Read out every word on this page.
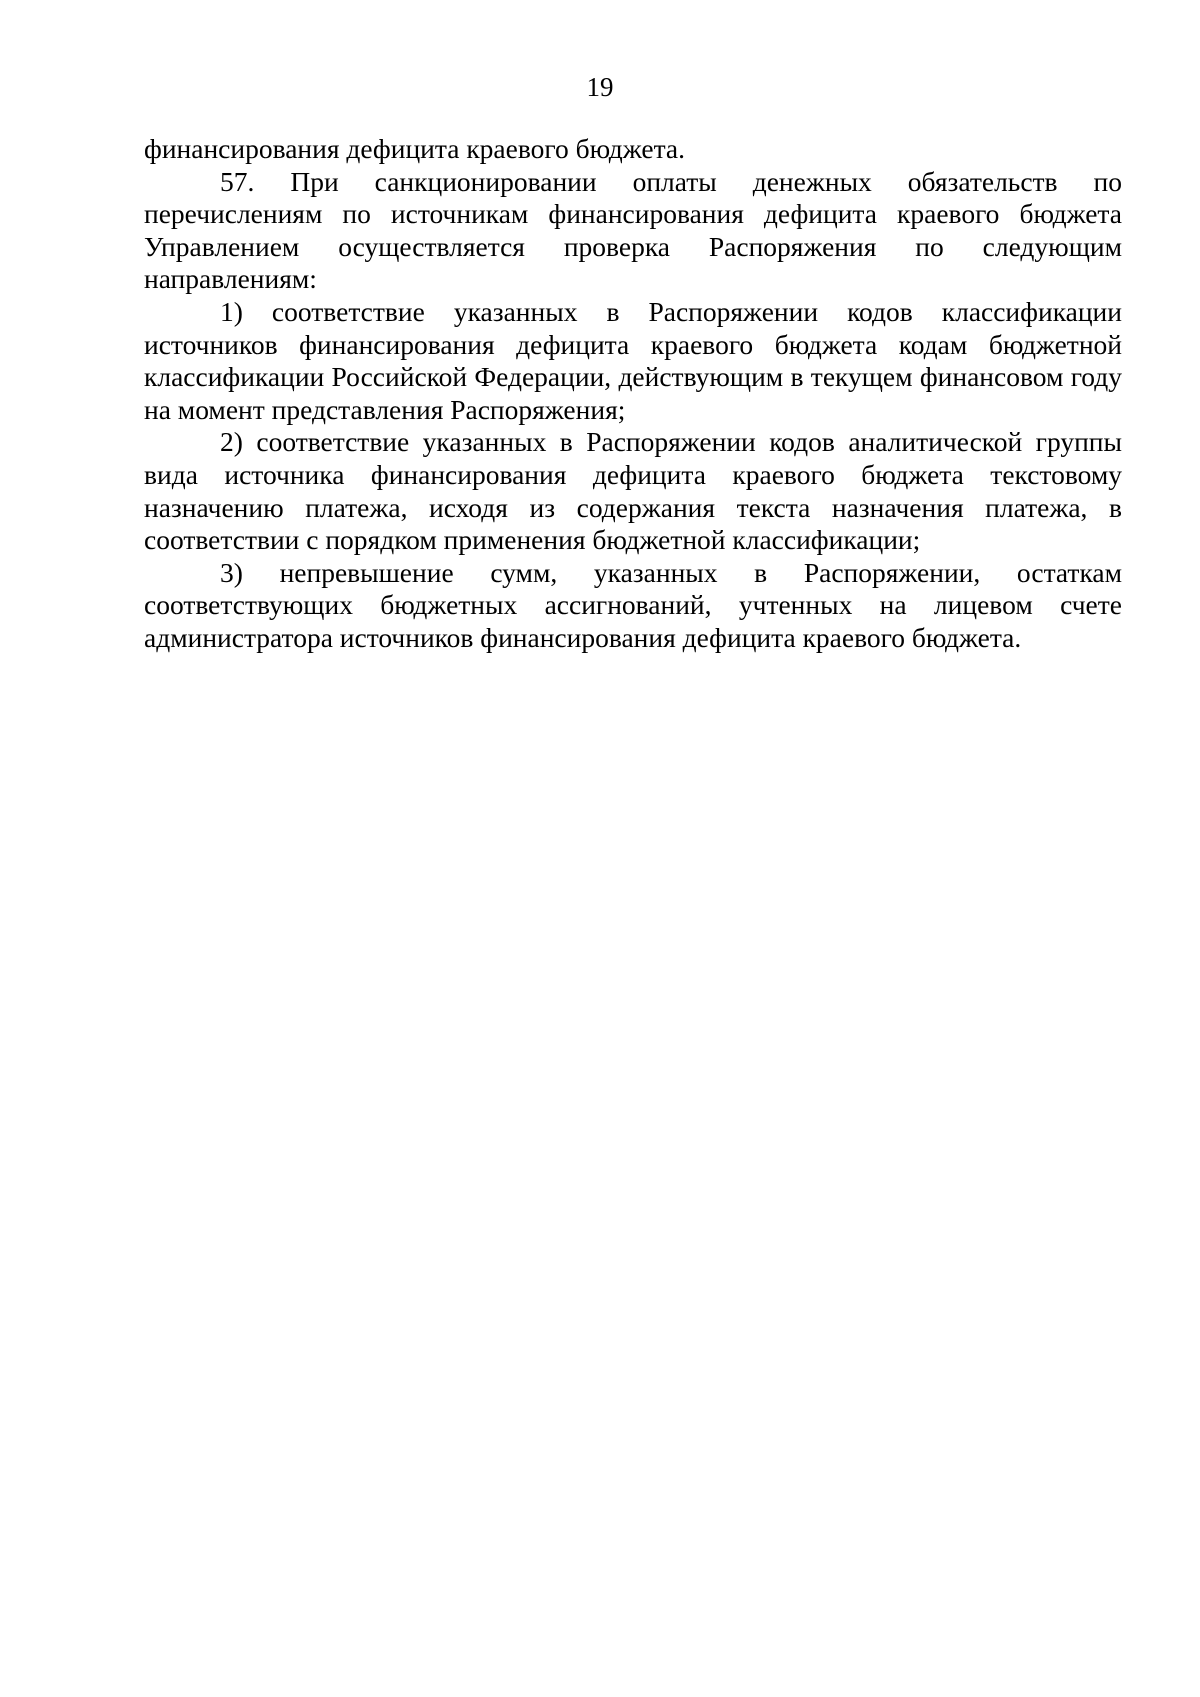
19

финансирования дефицита краевого бюджета.

57. При санкционировании оплаты денежных обязательств по перечислениям по источникам финансирования дефицита краевого бюджета Управлением осуществляется проверка Распоряжения по следующим направлениям:

1) соответствие указанных в Распоряжении кодов классификации источников финансирования дефицита краевого бюджета кодам бюджетной классификации Российской Федерации, действующим в текущем финансовом году на момент представления Распоряжения;

2) соответствие указанных в Распоряжении кодов аналитической группы вида источника финансирования дефицита краевого бюджета текстовому назначению платежа, исходя из содержания текста назначения платежа, в соответствии с порядком применения бюджетной классификации;

3) непревышение сумм, указанных в Распоряжении, остаткам соответствующих бюджетных ассигнований, учтенных на лицевом счете администратора источников финансирования дефицита краевого бюджета.
